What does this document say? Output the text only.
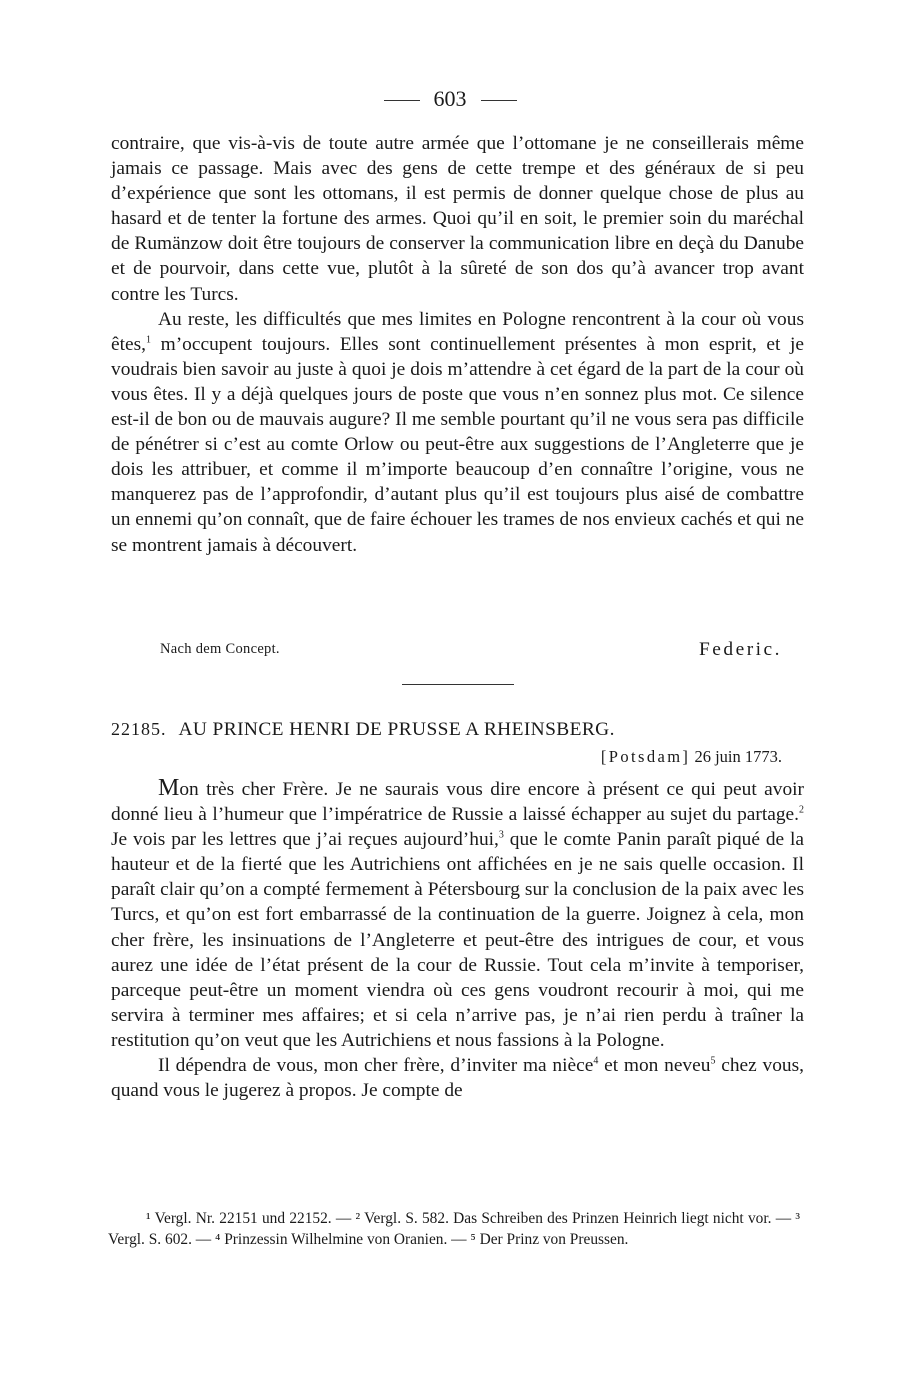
603

contraire, que vis-à-vis de toute autre armée que l’ottomane je ne conseillerais même jamais ce passage. Mais avec des gens de cette trempe et des généraux de si peu d’expérience que sont les ottomans, il est permis de donner quelque chose de plus au hasard et de tenter la fortune des armes. Quoi qu’il en soit, le premier soin du maréchal de Rumänzow doit être toujours de conserver la communication libre en deçà du Danube et de pourvoir, dans cette vue, plutôt à la sûreté de son dos qu’à avancer trop avant contre les Turcs.

Au reste, les difficultés que mes limites en Pologne rencontrent à la cour où vous êtes,$^1$ m’occupent toujours. Elles sont continuellement présentes à mon esprit, et je voudrais bien savoir au juste à quoi je dois m’attendre à cet égard de la part de la cour où vous êtes. Il y a déjà quelques jours de poste que vous n’en sonnez plus mot. Ce silence est-il de bon ou de mauvais augure? Il me semble pourtant qu’il ne vous sera pas difficile de pénétrer si c’est au comte Orlow ou peut-être aux suggestions de l’Angleterre que je dois les attribuer, et comme il m’importe beaucoup d’en connaître l’origine, vous ne manquerez pas de l’approfondir, d’autant plus qu’il est toujours plus aisé de combattre un ennemi qu’on connaît, que de faire échouer les trames de nos envieux cachés et qui ne se montrent jamais à découvert.

Nach dem Concept.	Federic.
22185. AU PRINCE HENRI DE PRUSSE A RHEINSBERG.
[Potsdam] 26 juin 1773.

Mon très cher Frère. Je ne saurais vous dire encore à présent ce qui peut avoir donné lieu à l’humeur que l’impératrice de Russie a laissé échapper au sujet du partage.$^2$ Je vois par les lettres que j’ai reçues aujourd’hui,$^3$ que le comte Panin paraît piqué de la hauteur et de la fierté que les Autrichiens ont affichées en je ne sais quelle occasion. Il paraît clair qu’on a compté fermement à Pétersbourg sur la conclusion de la paix avec les Turcs, et qu’on est fort embarrassé de la continuation de la guerre. Joignez à cela, mon cher frère, les insinuations de l’Angleterre et peut-être des intrigues de cour, et vous aurez une idée de l’état présent de la cour de Russie. Tout cela m’invite à temporiser, parceque peut-être un moment viendra où ces gens voudront recourir à moi, qui me servira à terminer mes affaires; et si cela n’arrive pas, je n’ai rien perdu à traîner la restitution qu’on veut que les Autrichiens et nous fassions à la Pologne.

Il dépendra de vous, mon cher frère, d’inviter ma nièce$^4$ et mon neveu$^5$ chez vous, quand vous le jugerez à propos. Je compte de

¹ Vergl. Nr. 22151 und 22152. — ² Vergl. S. 582. Das Schreiben des Prinzen Heinrich liegt nicht vor. — ³ Vergl. S. 602. — ⁴ Prinzessin Wilhelmine von Oranien. — ⁵ Der Prinz von Preussen.
